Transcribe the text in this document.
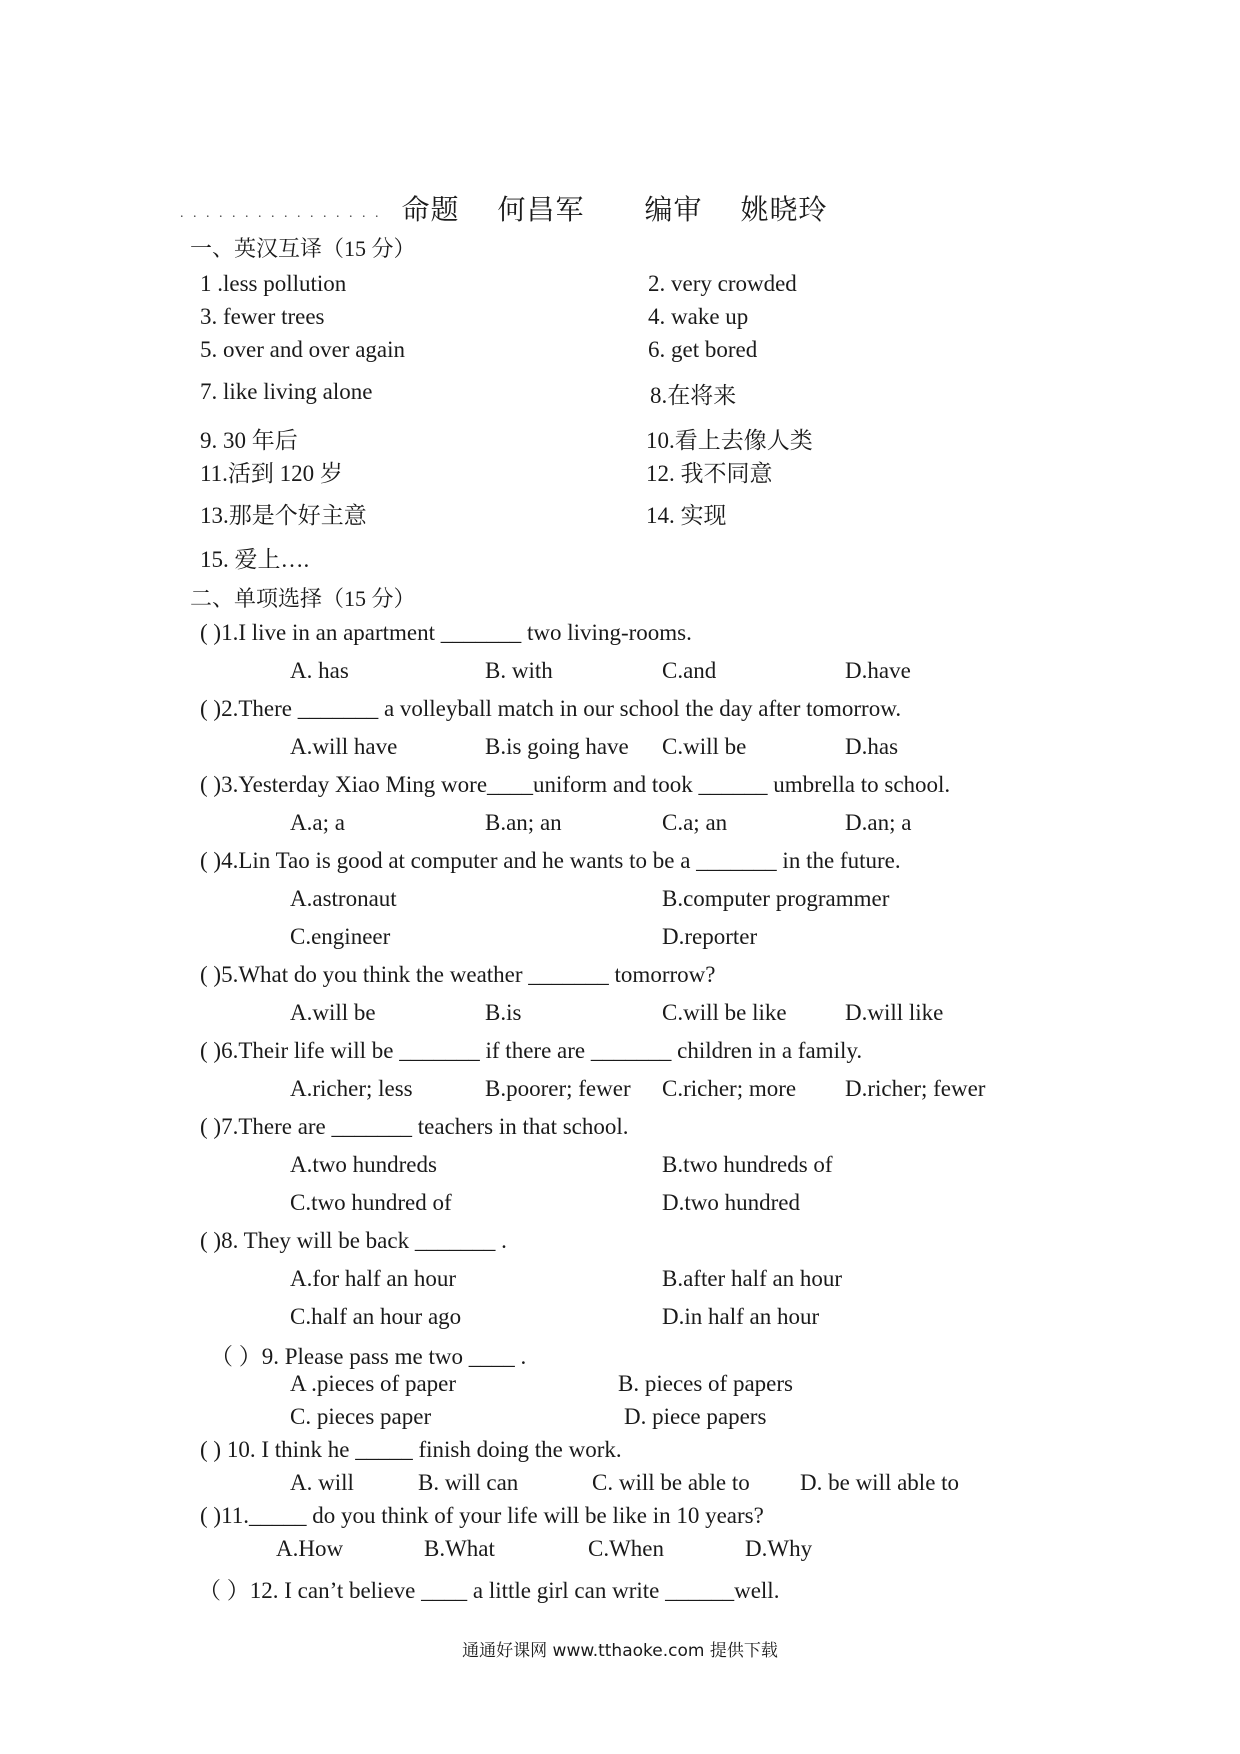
. . . . . . . . . . . . . . . . 命题 何昌军 编审 姚晓玲
一、英汉互译（15 分）
1 .less pollution	2. very crowded
3. fewer trees	4. wake up
5. over and over again	6. get bored
7. like living alone	8.在将来
9. 30 年后	10.看上去像人类
11.活到 120 岁	12. 我不同意
13.那是个好主意	14. 实现
15. 爱上….
二、单项选择（15 分）
( )1.I live in an apartment _______ two living-rooms.
A. has	B. with	C.and	D.have
( )2.There _______ a volleyball match in our school the day after tomorrow.
A.will have	B.is going have C.will be	D.has
( )3.Yesterday Xiao Ming wore____uniform and took ______ umbrella to school.
A.a; a	B.an; an	C.a; an	D.an; a
( )4.Lin Tao is good at computer and he wants to be a _______ in the future.
A.astronaut	B.computer programmer
C.engineer	D.reporter
( )5.What do you think the weather _______ tomorrow?
A.will be	B.is	C.will be like	D.will like
( )6.Their life will be _______ if there are _______ children in a family.
A.richer; less	B.poorer; fewer C.richer; more D.richer; fewer
( )7.There are _______ teachers in that school.
A.two hundreds	B.two hundreds of
C.two hundred of	D.two hundred
( )8. They will be back _______ .
A.for half an hour	B.after half an hour
C.half an hour ago	D.in half an hour
（ ）9. Please pass me two ____ .
A .pieces of paper	B. pieces of papers
C. pieces paper	D. piece papers
( ) 10. I think he _____ finish doing the work.
A. will	B. will can	C. will be able to D. be will able to
( )11._____ do you think of your life will be like in 10 years?
A.How	B.What	C.When	D.Why
（ ）12. I can’t believe ____ a little girl can write ______well.
通通好课网 www.tthaoke.com 提供下载
